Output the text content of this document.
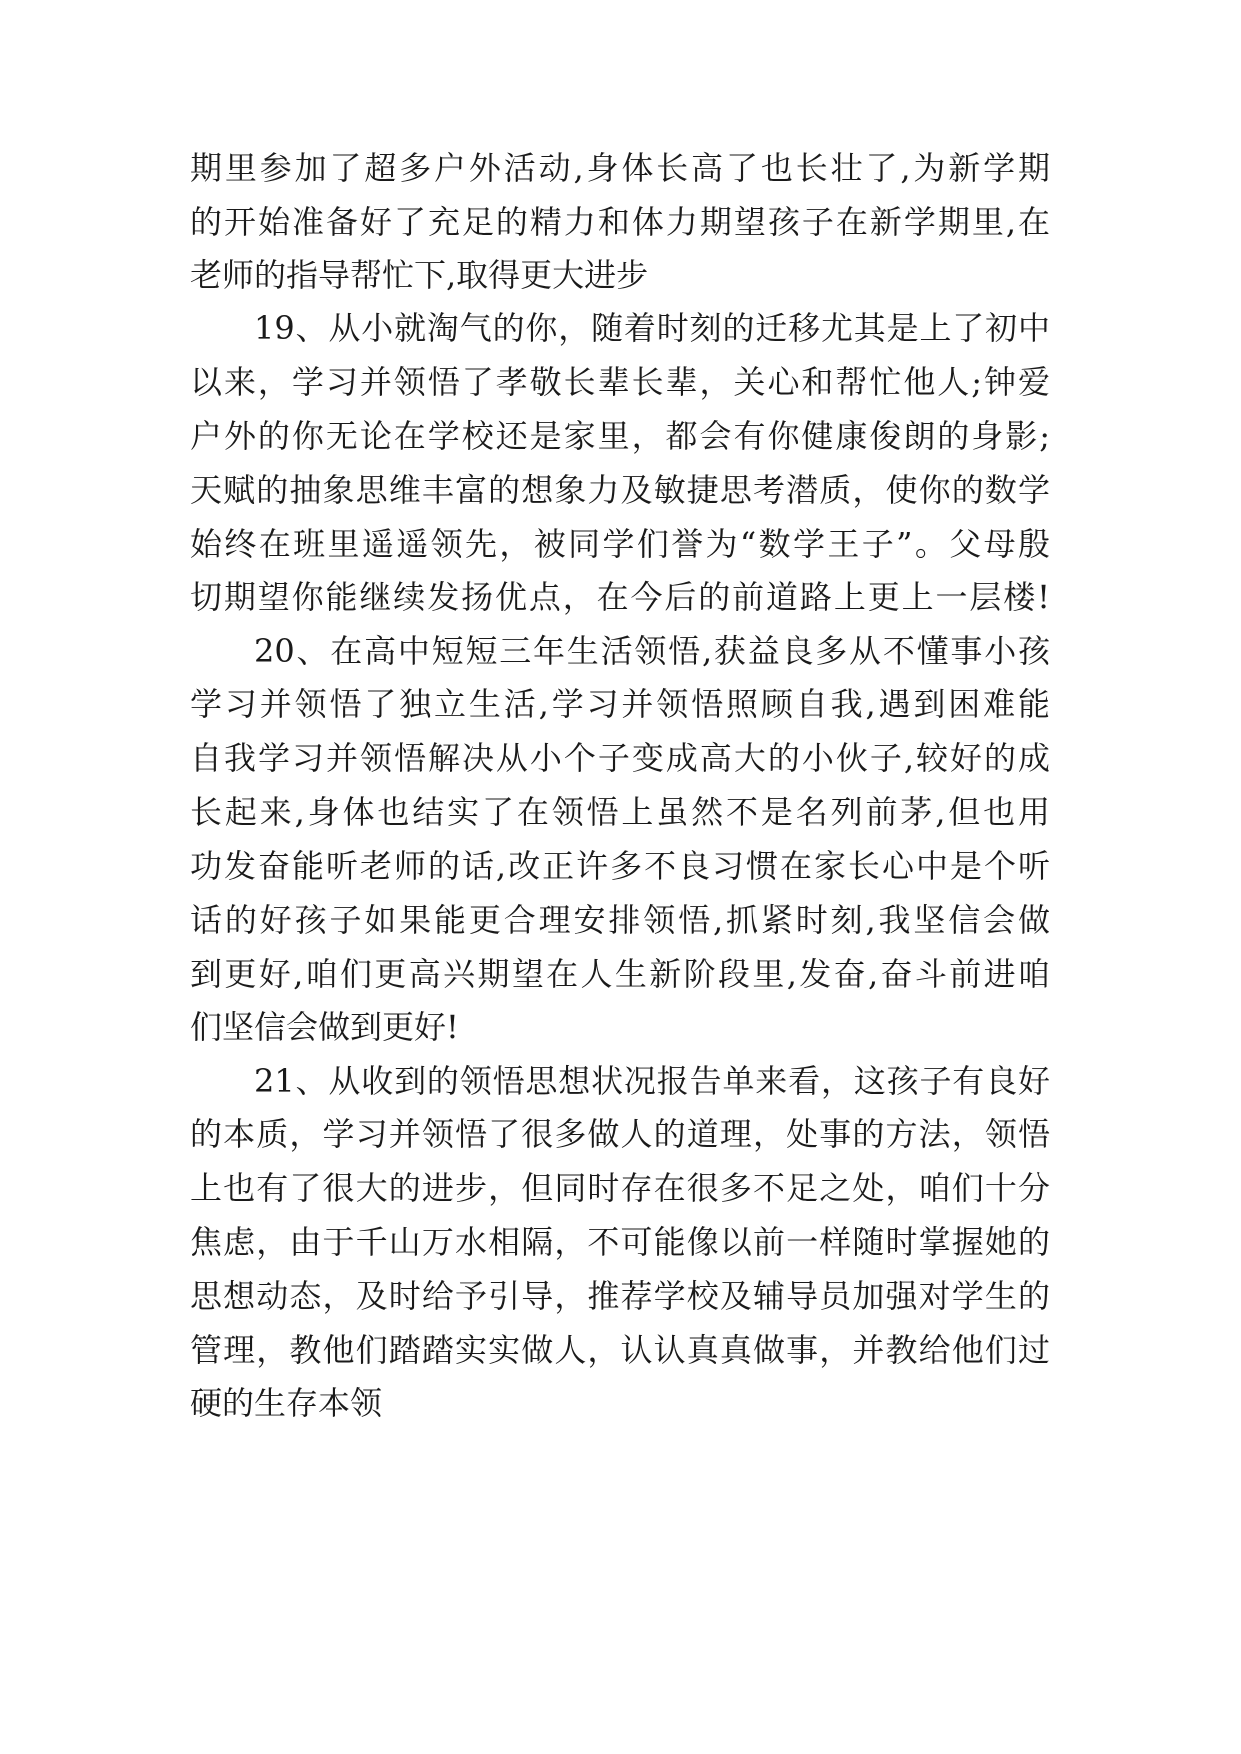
期里参加了超多户外活动,身体长高了也长壮了,为新学期

的开始准备好了充足的精力和体力期望孩子在新学期里,在

老师的指导帮忙下,取得更大进步

19、从小就淘气的你，随着时刻的迁移尤其是上了初中

以来，学习并领悟了孝敬长辈长辈，关心和帮忙他人;钟爱

户外的你无论在学校还是家里，都会有你健康俊朗的身影;

天赋的抽象思维丰富的想象力及敏捷思考潜质，使你的数学

始终在班里遥遥领先，被同学们誉为“数学王子”。父母殷

切期望你能继续发扬优点，在今后的前道路上更上一层楼!

20、在高中短短三年生活领悟,获益良多从不懂事小孩

学习并领悟了独立生活,学习并领悟照顾自我,遇到困难能

自我学习并领悟解决从小个子变成高大的小伙子,较好的成

长起来,身体也结实了在领悟上虽然不是名列前茅,但也用

功发奋能听老师的话,改正许多不良习惯在家长心中是个听

话的好孩子如果能更合理安排领悟,抓紧时刻,我坚信会做

到更好,咱们更高兴期望在人生新阶段里,发奋,奋斗前进咱

们坚信会做到更好!

21、从收到的领悟思想状况报告单来看，这孩子有良好

的本质，学习并领悟了很多做人的道理，处事的方法，领悟

上也有了很大的进步，但同时存在很多不足之处，咱们十分

焦虑，由于千山万水相隔，不可能像以前一样随时掌握她的

思想动态，及时给予引导，推荐学校及辅导员加强对学生的

管理，教他们踏踏实实做人，认认真真做事，并教给他们过

硬的生存本领
